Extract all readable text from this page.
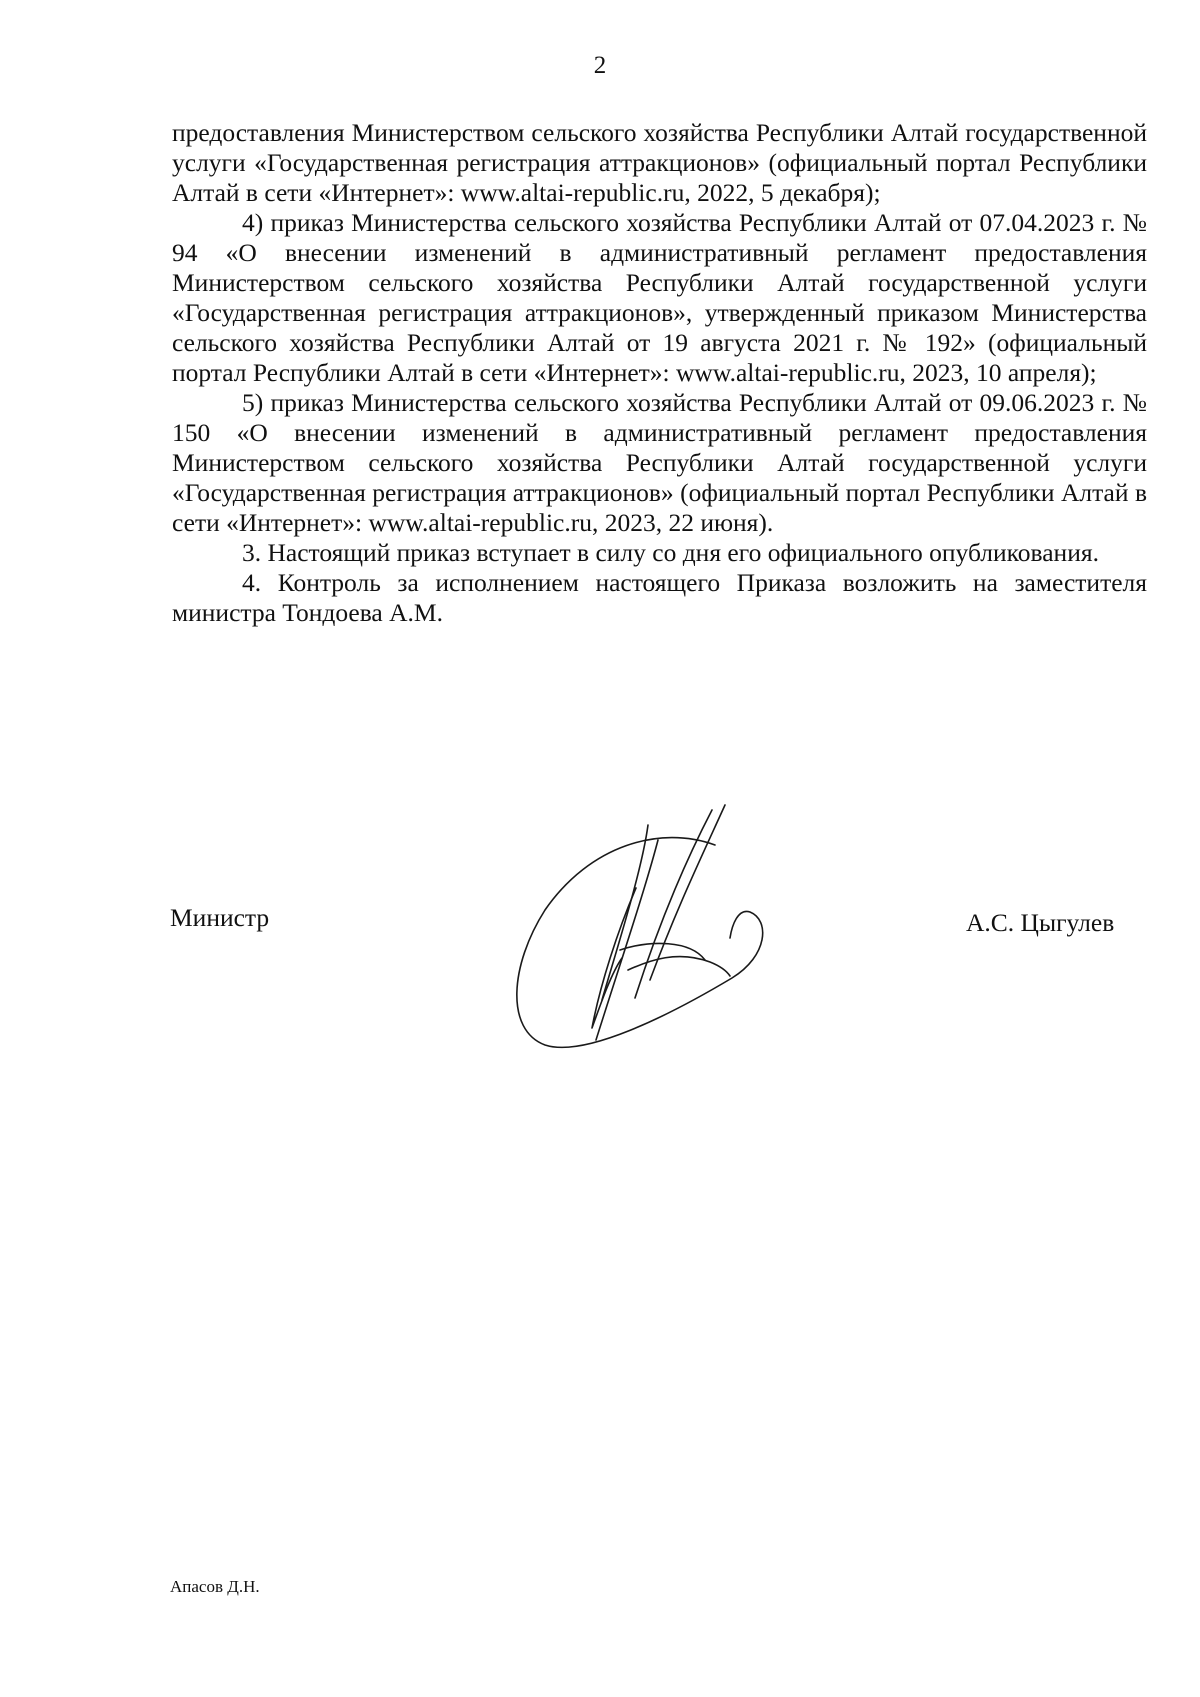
2

предоставления Министерством сельского хозяйства Республики Алтай государственной услуги «Государственная регистрация аттракционов» (официальный портал Республики Алтай в сети «Интернет»: www.altai-republic.ru, 2022, 5 декабря);

4) приказ Министерства сельского хозяйства Республики Алтай от 07.04.2023 г. № 94 «О внесении изменений в административный регламент предоставления Министерством сельского хозяйства Республики Алтай государственной услуги «Государственная регистрация аттракционов», утвержденный приказом Министерства сельского хозяйства Республики Алтай от 19 августа 2021 г. № 192» (официальный портал Республики Алтай в сети «Интернет»: www.altai-republic.ru, 2023, 10 апреля);

5) приказ Министерства сельского хозяйства Республики Алтай от 09.06.2023 г. № 150 «О внесении изменений в административный регламент предоставления Министерством сельского хозяйства Республики Алтай государственной услуги «Государственная регистрация аттракционов» (официальный портал Республики Алтай в сети «Интернет»: www.altai-republic.ru, 2023, 22 июня).

3. Настоящий приказ вступает в силу со дня его официального опубликования.

4. Контроль за исполнением настоящего Приказа возложить на заместителя министра Тондоева А.М.

Министр	А.С. Цыгулев
Апасов Д.Н.
